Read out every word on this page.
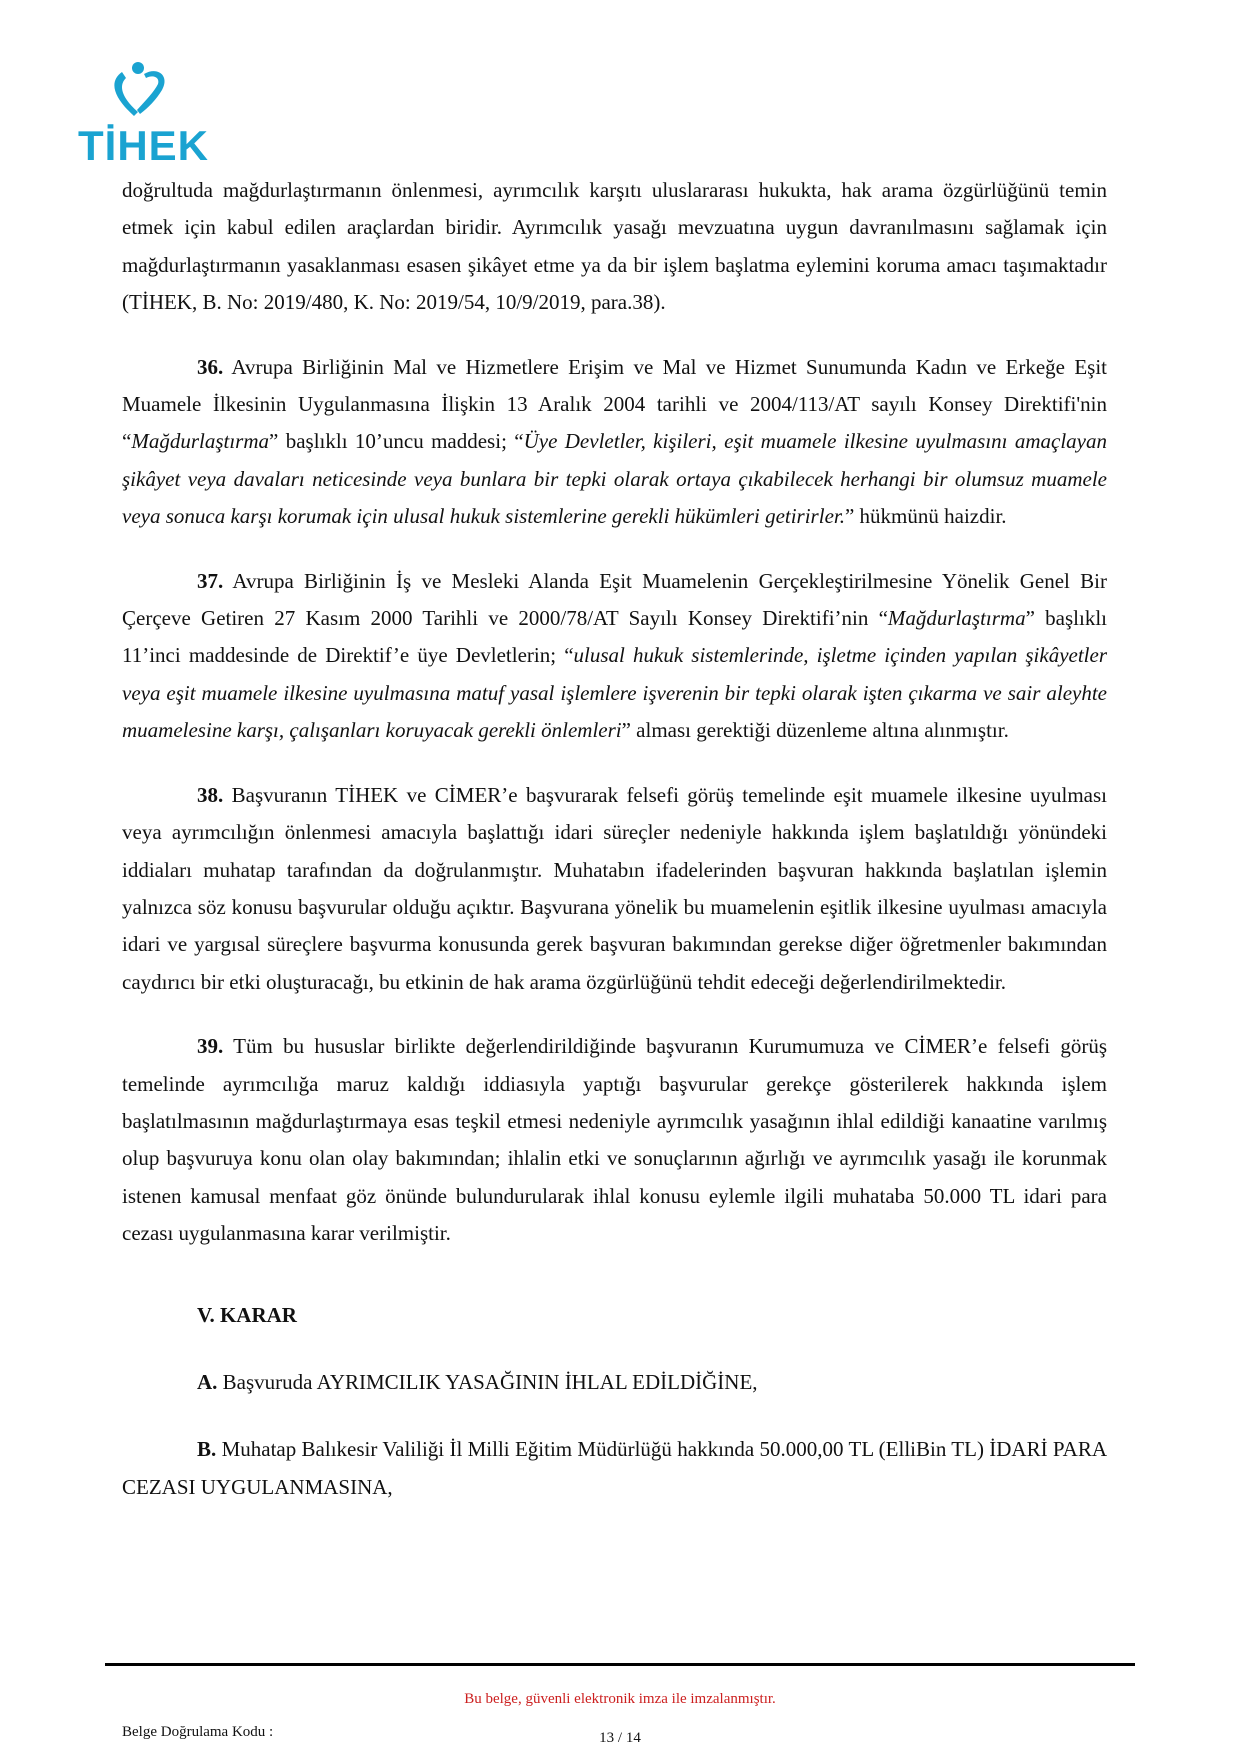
TİHEK

doğrultuda mağdurlaştırmanın önlenmesi, ayrımcılık karşıtı uluslararası hukukta, hak arama özgürlüğünü temin etmek için kabul edilen araçlardan biridir. Ayrımcılık yasağı mevzuatına uygun davranılmasını sağlamak için mağdurlaştırmanın yasaklanması esasen şikâyet etme ya da bir işlem başlatma eylemini koruma amacı taşımaktadır (TİHEK, B. No: 2019/480, K. No: 2019/54, 10/9/2019, para.38).

36. Avrupa Birliğinin Mal ve Hizmetlere Erişim ve Mal ve Hizmet Sunumunda Kadın ve Erkeğe Eşit Muamele İlkesinin Uygulanmasına İlişkin 13 Aralık 2004 tarihli ve 2004/113/AT sayılı Konsey Direktifi'nin “Mağdurlaştırma” başlıklı 10’uncu maddesi; “Üye Devletler, kişileri, eşit muamele ilkesine uyulmasını amaçlayan şikâyet veya davaları neticesinde veya bunlara bir tepki olarak ortaya çıkabilecek herhangi bir olumsuz muamele veya sonuca karşı korumak için ulusal hukuk sistemlerine gerekli hükümleri getirirler.” hükmünü haizdir.

37. Avrupa Birliğinin İş ve Mesleki Alanda Eşit Muamelenin Gerçekleştirilmesine Yönelik Genel Bir Çerçeve Getiren 27 Kasım 2000 Tarihli ve 2000/78/AT Sayılı Konsey Direktifi’nin “Mağdurlaştırma” başlıklı 11’inci maddesinde de Direktif’e üye Devletlerin; “ulusal hukuk sistemlerinde, işletme içinden yapılan şikâyetler veya eşit muamele ilkesine uyulmasına matuf yasal işlemlere işverenin bir tepki olarak işten çıkarma ve sair aleyhte muamelesine karşı, çalışanları koruyacak gerekli önlemleri” alması gerektiği düzenleme altına alınmıştır.

38. Başvuranın TİHEK ve CİMER’e başvurarak felsefi görüş temelinde eşit muamele ilkesine uyulması veya ayrımcılığın önlenmesi amacıyla başlattığı idari süreçler nedeniyle hakkında işlem başlatıldığı yönündeki iddiaları muhatap tarafından da doğrulanmıştır. Muhatabın ifadelerinden başvuran hakkında başlatılan işlemin yalnızca söz konusu başvurular olduğu açıktır. Başvurana yönelik bu muamelenin eşitlik ilkesine uyulması amacıyla idari ve yargısal süreçlere başvurma konusunda gerek başvuran bakımından gerekse diğer öğretmenler bakımından caydırıcı bir etki oluşturacağı, bu etkinin de hak arama özgürlüğünü tehdit edeceği değerlendirilmektedir.

39. Tüm bu hususlar birlikte değerlendirildiğinde başvuranın Kurumumuza ve CİMER’e felsefi görüş temelinde ayrımcılığa maruz kaldığı iddiasıyla yaptığı başvurular gerekçe gösterilerek hakkında işlem başlatılmasının mağdurlaştırmaya esas teşkil etmesi nedeniyle ayrımcılık yasağının ihlal edildiği kanaatine varılmış olup başvuruya konu olan olay bakımından; ihlalin etki ve sonuçlarının ağırlığı ve ayrımcılık yasağı ile korunmak istenen kamusal menfaat göz önünde bulundurularak ihlal konusu eylemle ilgili muhataba 50.000 TL idari para cezası uygulanmasına karar verilmiştir.

V. KARAR

A. Başvuruda AYRIMCILIK YASAĞININ İHLAL EDİLDİĞİNE,

B. Muhatap Balıkesir Valiliği İl Milli Eğitim Müdürlüğü hakkında 50.000,00 TL (ElliBin TL) İDARİ PARA CEZASI UYGULANMASINA,

Bu belge, güvenli elektronik imza ile imzalanmıştır.
Belge Doğrulama Kodu :	13 / 14
